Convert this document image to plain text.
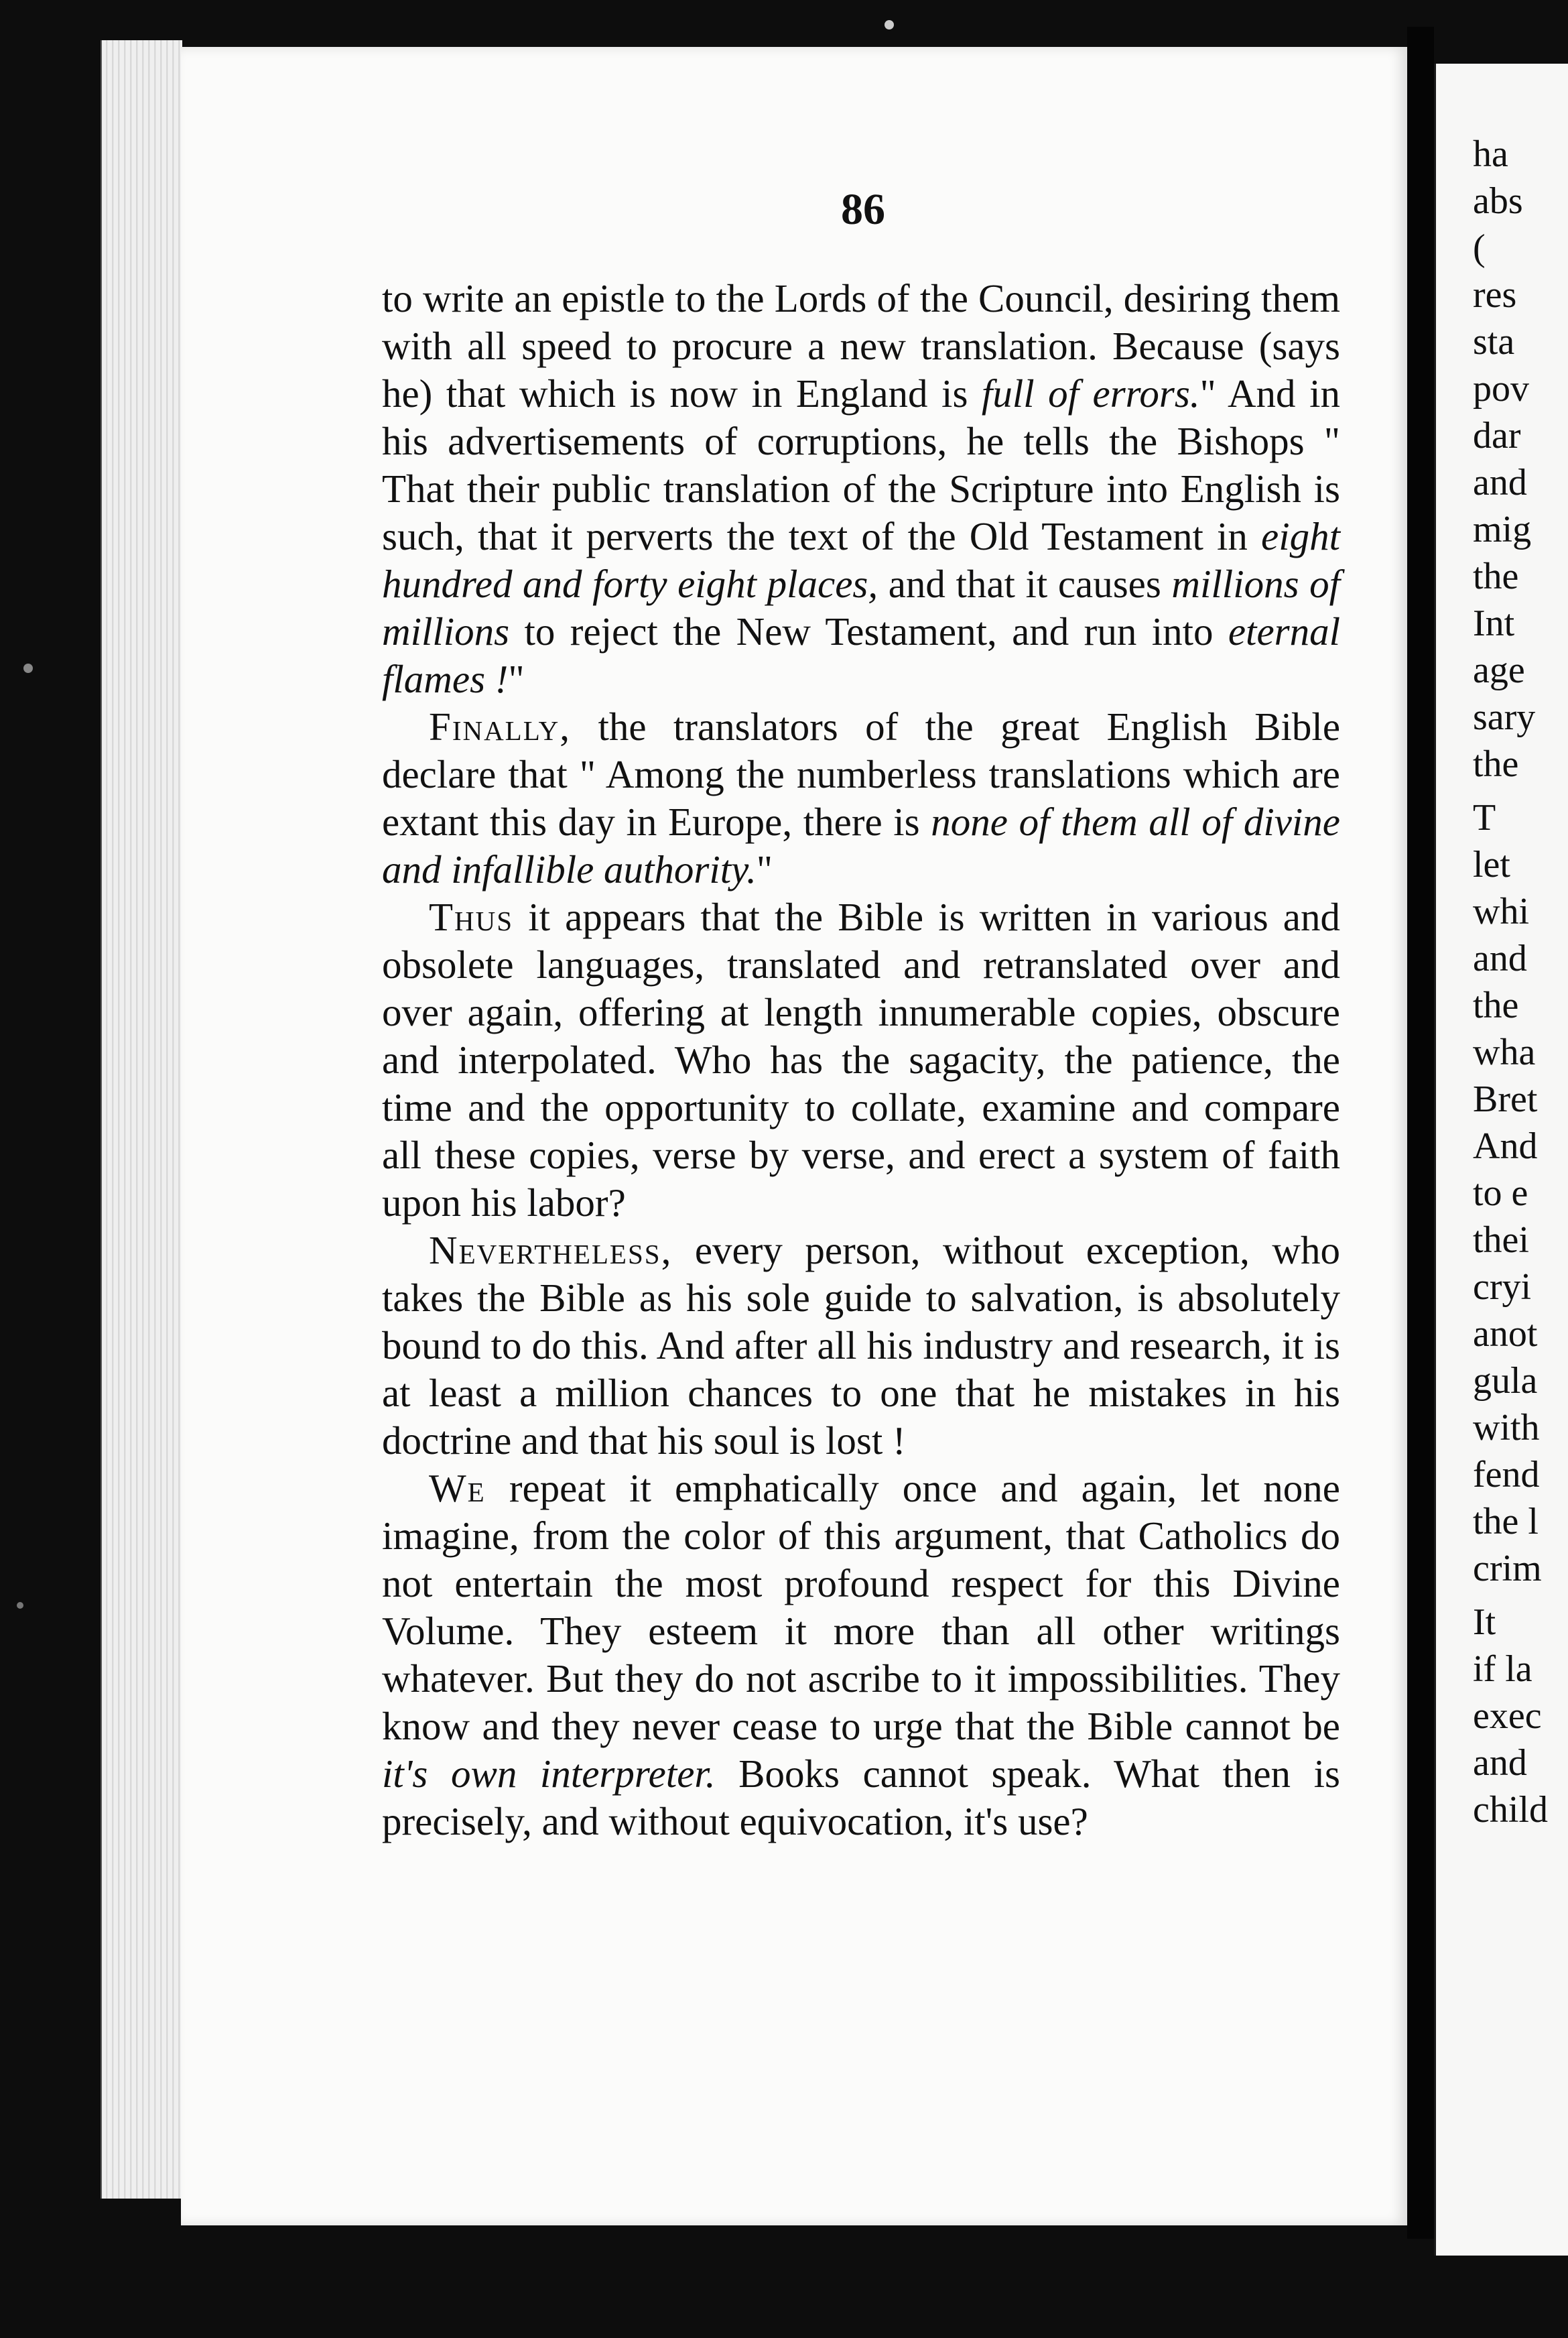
ha
abs
(
res
sta
pov
dar
and
mig
the
Int
age
sary
the
T
let
whi
and
the
wha
Bret
And
to e
thei
cryi
anot
gula
with
fend
the l
crim
It
if la
exec
and
child
86

to write an epistle to the Lords of the Council, desiring them with all speed to procure a new translation. Because (says he) that which is now in England is full of errors." And in his advertisements of corruptions, he tells the Bishops " That their public translation of the Scripture into English is such, that it perverts the text of the Old Testament in eight hundred and forty eight places, and that it causes millions of millions to reject the New Testament, and run into eternal flames !"

Finally, the translators of the great English Bible declare that " Among the numberless translations which are extant this day in Europe, there is none of them all of divine and infallible authority."

Thus it appears that the Bible is written in various and obsolete languages, translated and retranslated over and over again, offering at length innumerable copies, obscure and interpolated. Who has the sagacity, the patience, the time and the opportunity to collate, examine and compare all these copies, verse by verse, and erect a system of faith upon his labor?

Nevertheless, every person, without exception, who takes the Bible as his sole guide to salvation, is absolutely bound to do this. And after all his industry and research, it is at least a million chances to one that he mistakes in his doctrine and that his soul is lost !

We repeat it emphatically once and again, let none imagine, from the color of this argument, that Catholics do not entertain the most profound respect for this Divine Volume. They esteem it more than all other writings whatever. But they do not ascribe to it impossibilities. They know and they never cease to urge that the Bible cannot be it's own interpreter. Books cannot speak. What then is precisely, and without equivocation, it's use?
